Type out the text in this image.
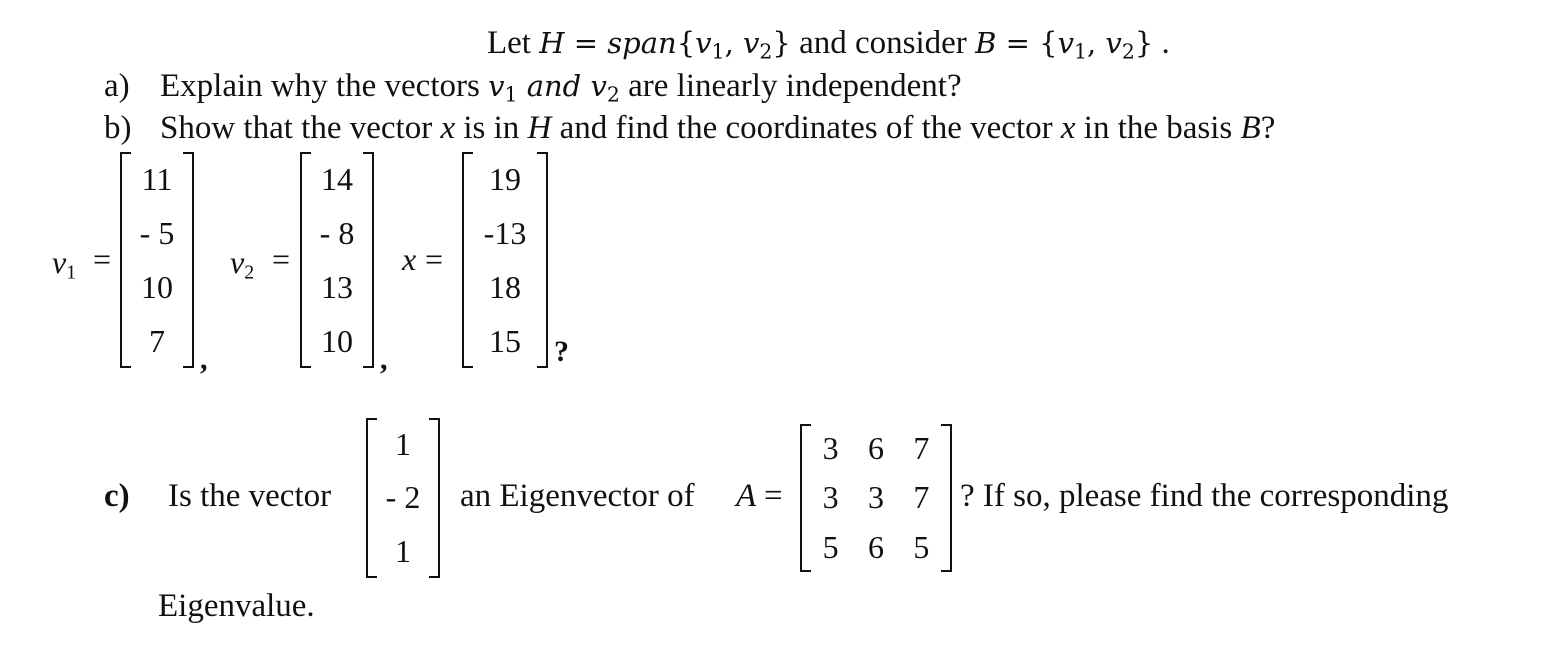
Let $H = span\{v_1$, $v_2$} and consider $B = \{v_1$, $v_2$} .
a) Explain why the vectors $v_1$ and $v_2$ are linearly independent?
b) Show that the vector x is in H and find the coordinates of the vector x in the basis B?
$v_1$ =
11
- 5
10
7
,
$v_2$ =
14
- 8
13
10
,
x =
19
-13
18
15	?
c) Is the vector
1
- 2
1
an Eigenvector of A =
3 6 7
3 3 7
5 6 5
? If so, please find the corresponding
Eigenvalue.
